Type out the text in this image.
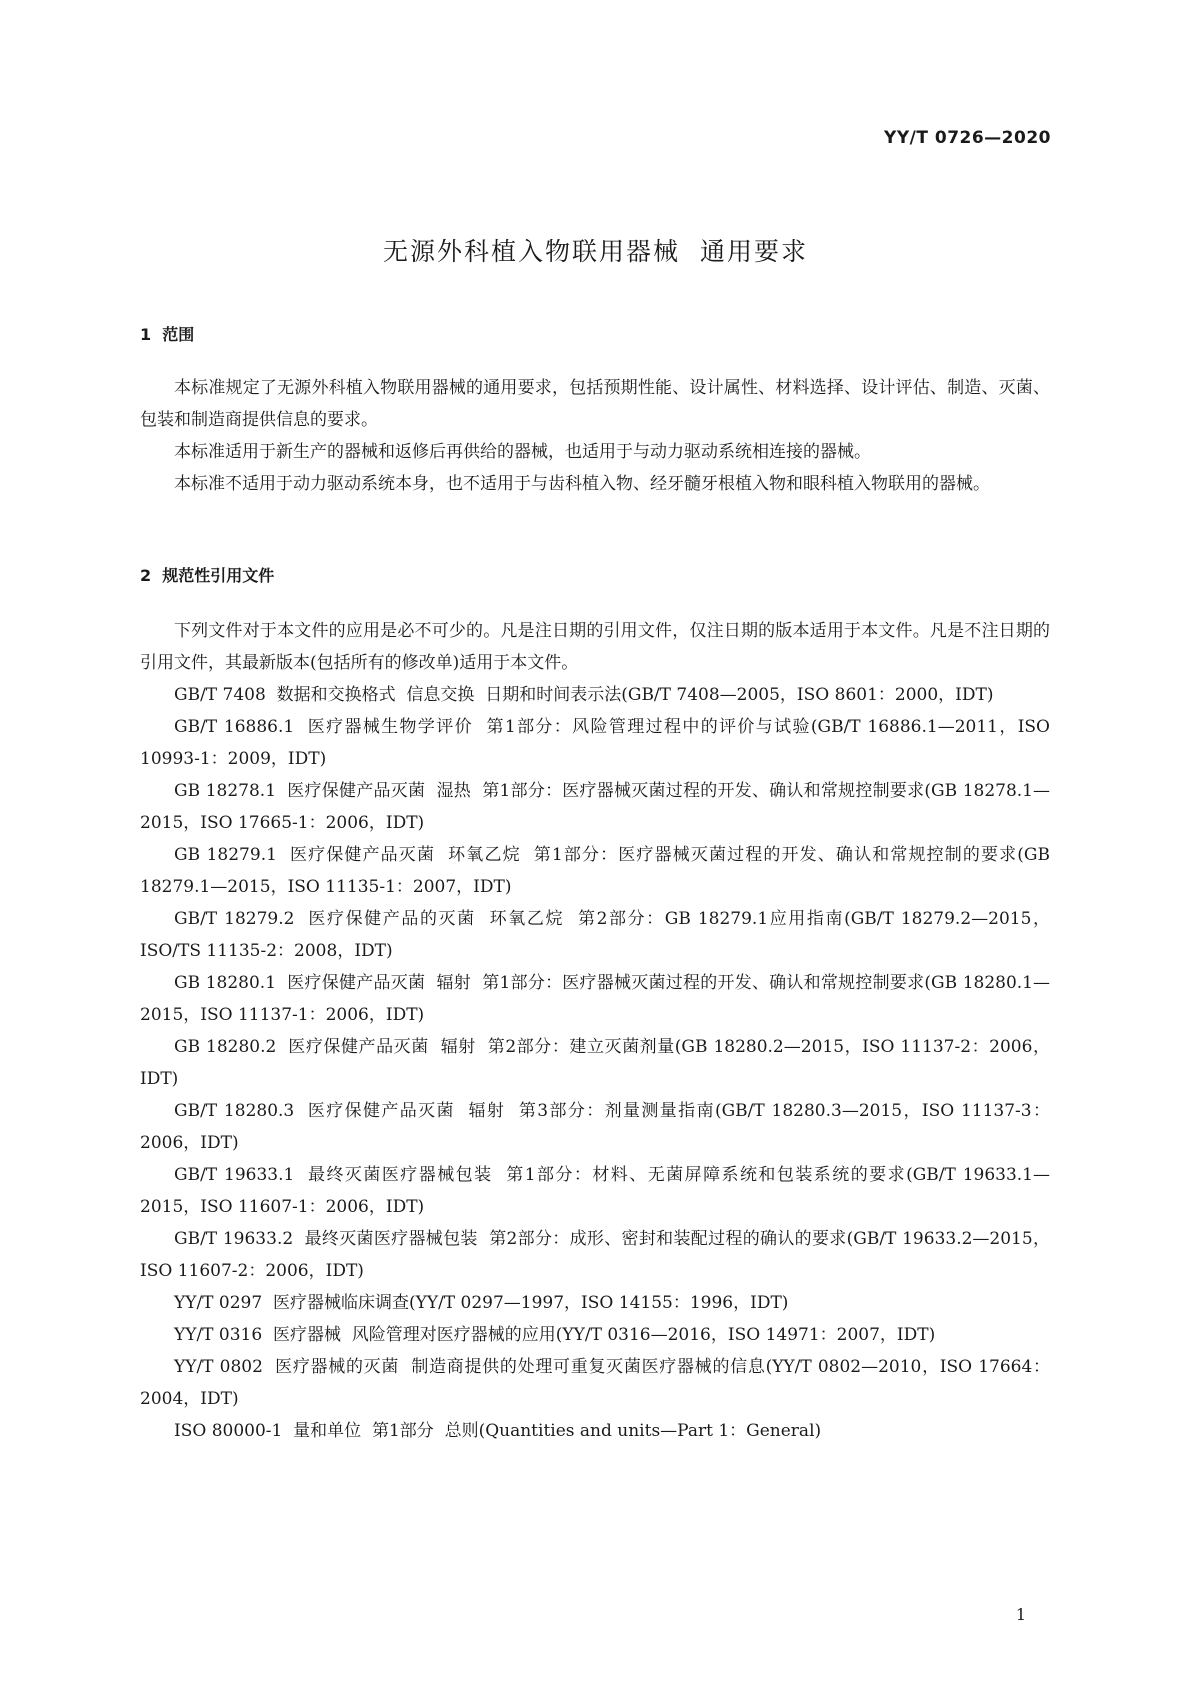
YY/T 0726—2020
无源外科植入物联用器械  通用要求
1  范围

本标准规定了无源外科植入物联用器械的通用要求，包括预期性能、设计属性、材料选择、设计评估、制造、灭菌、包装和制造商提供信息的要求。

本标准适用于新生产的器械和返修后再供给的器械，也适用于与动力驱动系统相连接的器械。

本标准不适用于动力驱动系统本身，也不适用于与齿科植入物、经牙髓牙根植入物和眼科植入物联用的器械。

2  规范性引用文件

下列文件对于本文件的应用是必不可少的。凡是注日期的引用文件，仅注日期的版本适用于本文件。凡是不注日期的引用文件，其最新版本(包括所有的修改单)适用于本文件。

GB/T 7408  数据和交换格式  信息交换  日期和时间表示法(GB/T 7408—2005，ISO 8601：2000，IDT)

GB/T 16886.1  医疗器械生物学评价  第1部分：风险管理过程中的评价与试验(GB/T 16886.1—2011，ISO 10993-1：2009，IDT)

GB 18278.1  医疗保健产品灭菌  湿热  第1部分：医疗器械灭菌过程的开发、确认和常规控制要求(GB 18278.1—2015，ISO 17665-1：2006，IDT)

GB 18279.1  医疗保健产品灭菌  环氧乙烷  第1部分：医疗器械灭菌过程的开发、确认和常规控制的要求(GB 18279.1—2015，ISO 11135-1：2007，IDT)

GB/T 18279.2  医疗保健产品的灭菌  环氧乙烷  第2部分：GB 18279.1应用指南(GB/T 18279.2—2015，ISO/TS 11135-2：2008，IDT)

GB 18280.1  医疗保健产品灭菌  辐射  第1部分：医疗器械灭菌过程的开发、确认和常规控制要求(GB 18280.1—2015，ISO 11137-1：2006，IDT)

GB 18280.2  医疗保健产品灭菌  辐射  第2部分：建立灭菌剂量(GB 18280.2—2015，ISO 11137-2：2006，IDT)

GB/T 18280.3  医疗保健产品灭菌  辐射  第3部分：剂量测量指南(GB/T 18280.3—2015，ISO 11137-3：2006，IDT)

GB/T 19633.1  最终灭菌医疗器械包装  第1部分：材料、无菌屏障系统和包装系统的要求(GB/T 19633.1—2015，ISO 11607-1：2006，IDT)

GB/T 19633.2  最终灭菌医疗器械包装  第2部分：成形、密封和装配过程的确认的要求(GB/T 19633.2—2015，ISO 11607-2：2006，IDT)

YY/T 0297  医疗器械临床调查(YY/T 0297—1997，ISO 14155：1996，IDT)

YY/T 0316  医疗器械  风险管理对医疗器械的应用(YY/T 0316—2016，ISO 14971：2007，IDT)

YY/T 0802  医疗器械的灭菌  制造商提供的处理可重复灭菌医疗器械的信息(YY/T 0802—2010，ISO 17664：2004，IDT)

ISO 80000-1  量和单位  第1部分  总则(Quantities and units—Part 1：General)

1
